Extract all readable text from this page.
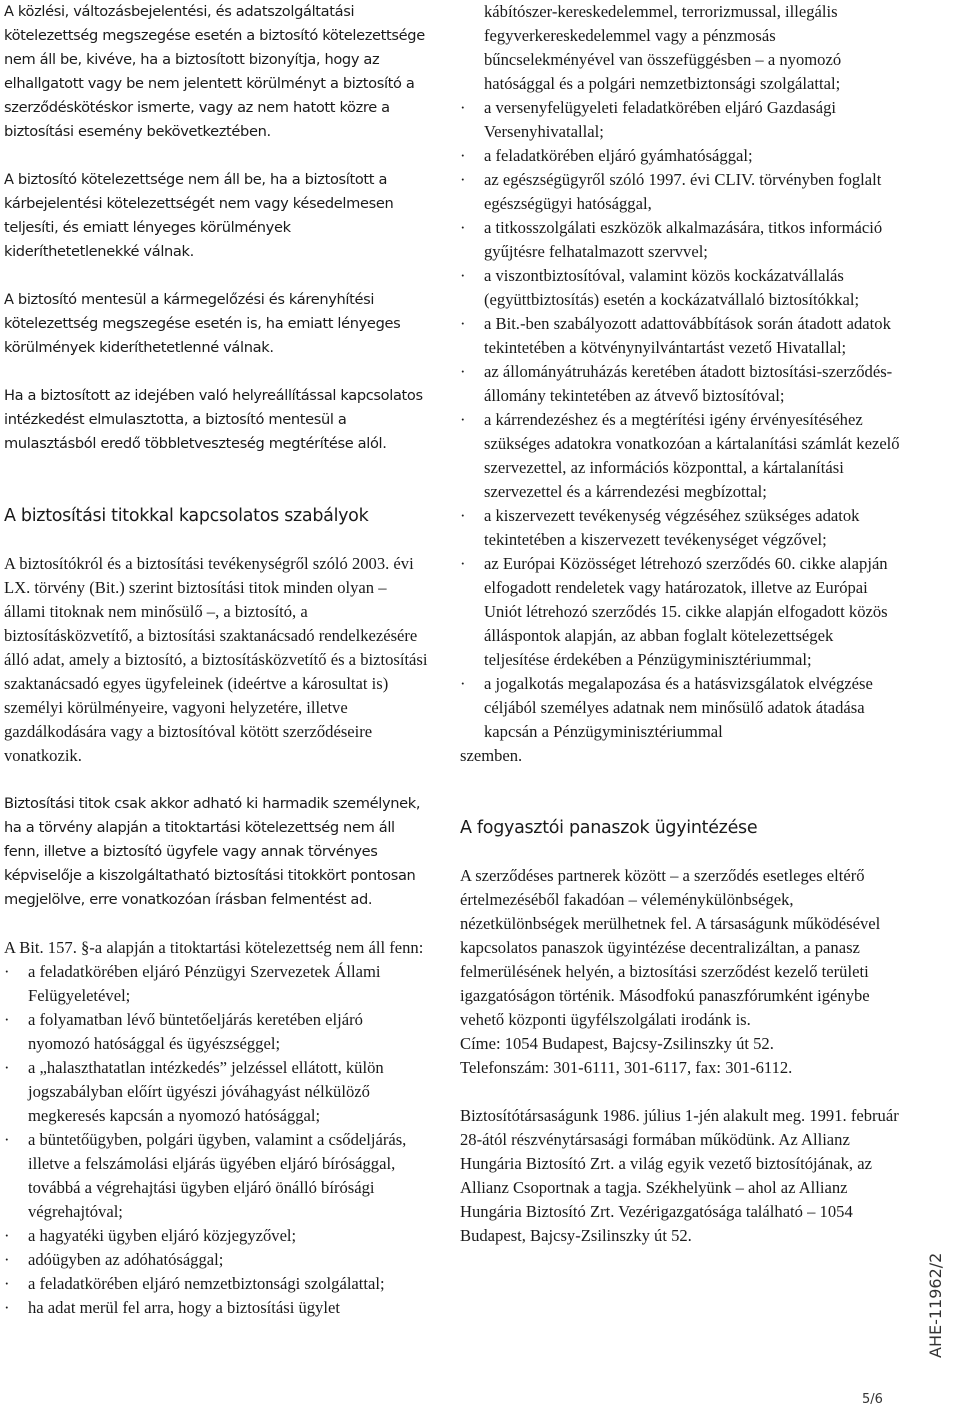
A közlési, változásbejelentési, és adatszolgáltatási kötelezettség megszegése esetén a biztosító kötelezettsége nem áll be, kivéve, ha a biztosított bizonyítja, hogy az elhallgatott vagy be nem jelentett körülményt a biztosító a szerződéskötéskor ismerte, vagy az nem hatott közre a biztosítási esemény bekövetkeztében.

A biztosító kötelezettsége nem áll be, ha a biztosított a kárbejelentési kötelezettségét nem vagy késedelmesen teljesíti, és emiatt lényeges körülmények kideríthetetlenekké válnak.

A biztosító mentesül a kármegelőzési és kárenyhítési kötelezettség megszegése esetén is, ha emiatt lényeges körülmények kideríthetetlenné válnak.

Ha a biztosított az idejében való helyreállítással kapcsolatos intézkedést elmulasztotta, a biztosító mentesül a mulasztásból eredő többletveszteség megtérítése alól.

A biztosítási titokkal kapcsolatos szabályok

A biztosítókról és a biztosítási tevékenységről szóló 2003. évi LX. törvény (Bit.) szerint biztosítási titok minden olyan – állami titoknak nem minősülő –, a biztosító, a biztosításközvetítő, a biztosítási szaktanácsadó rendelkezésére álló adat, amely a biztosító, a biztosításközvetítő és a biztosítási szaktanácsadó egyes ügyfeleinek (ideértve a károsultat is) személyi körülményeire, vagyoni helyzetére, illetve gazdálkodására vagy a biztosítóval kötött szerződéseire vonatkozik.

Biztosítási titok csak akkor adható ki harmadik személynek, ha a törvény alapján a titoktartási kötelezettség nem áll fenn, illetve a biztosító ügyfele vagy annak törvényes képviselője a kiszolgáltatható biztosítási titokkört pontosan megjelölve, erre vonatkozóan írásban felmentést ad.

A Bit. 157. §-a alapján a titoktartási kötelezettség nem áll fenn:

· a feladatkörében eljáró Pénzügyi Szervezetek Állami Felügyeletével;
· a folyamatban lévő büntetőeljárás keretében eljáró nyomozó hatósággal és ügyészséggel;
· a „halaszthatatlan intézkedés” jelzéssel ellátott, külön jogszabályban előírt ügyészi jóváhagyást nélkülöző megkeresés kapcsán a nyomozó hatósággal;
· a büntetőügyben, polgári ügyben, valamint a csődeljárás, illetve a felszámolási eljárás ügyében eljáró bírósággal, továbbá a végrehajtási ügyben eljáró önálló bírósági végrehajtóval;
· a hagyatéki ügyben eljáró közjegyzővel;
· adóügyben az adóhatósággal;
· a feladatkörében eljáró nemzetbiztonsági szolgálattal;
· ha adat merül fel arra, hogy a biztosítási ügylet
kábítószer-kereskedelemmel, terrorizmussal, illegális fegyverkereskedelemmel vagy a pénzmosás bűncselekményével van összefüggésben – a nyomozó hatósággal és a polgári nemzetbiztonsági szolgálattal;
· a versenyfelügyeleti feladatkörében eljáró Gazdasági Versenyhivatallal;
· a feladatkörében eljáró gyámhatósággal;
· az egészségügyről szóló 1997. évi CLIV. törvényben foglalt egészségügyi hatósággal,
· a titkosszolgálati eszközök alkalmazására, titkos információ gyűjtésre felhatalmazott szervvel;
· a viszontbiztosítóval, valamint közös kockázatvállalás (együttbiztosítás) esetén a kockázatvállaló biztosítókkal;
· a Bit.-ben szabályozott adattovábbítások során átadott adatok tekintetében a kötvénynyilvántartást vezető Hivatallal;
· az állományátruházás keretében átadott biztosítási-szerződés-állomány tekintetében az átvevő biztosítóval;
· a kárrendezéshez és a megtérítési igény érvényesítéséhez szükséges adatokra vonatkozóan a kártalanítási számlát kezelő szervezettel, az információs központtal, a kártalanítási szervezettel és a kárrendezési megbízottal;
· a kiszervezett tevékenység végzéséhez szükséges adatok tekintetében a kiszervezett tevékenységet végzővel;
· az Európai Közösséget létrehozó szerződés 60. cikke alapján elfogadott rendeletek vagy határozatok, illetve az Európai Uniót létrehozó szerződés 15. cikke alapján elfogadott közös álláspontok alapján, az abban foglalt kötelezettségek teljesítése érdekében a Pénzügyminisztériummal;
· a jogalkotás megalapozása és a hatásvizsgálatok elvégzése céljából személyes adatnak nem minősülő adatok átadása kapcsán a Pénzügyminisztériummal

szemben.

A fogyasztói panaszok ügyintézése

A szerződéses partnerek között – a szerződés esetleges eltérő értelmezéséből fakadóan – véleménykülönbségek, nézetkülönbségek merülhetnek fel. A társaságunk működésével kapcsolatos panaszok ügyintézése decentralizáltan, a panasz felmerülésének helyén, a biztosítási szerződést kezelő területi igazgatóságon történik. Másodfokú panaszfórumként igénybe vehető központi ügyfélszolgálati irodánk is.

Címe: 1054 Budapest, Bajcsy-Zsilinszky út 52.

Telefonszám: 301-6111, 301-6117, fax: 301-6112.

Biztosítótársaságunk 1986. július 1-jén alakult meg. 1991. február 28-ától részvénytársasági formában működünk. Az Allianz Hungária Biztosító Zrt. a világ egyik vezető biztosítójának, az Allianz Csoportnak a tagja. Székhelyünk – ahol az Allianz Hungária Biztosító Zrt. Vezérigazgatósága található – 1054 Budapest, Bajcsy-Zsilinszky út 52.

AHE-11962/2
5/6
